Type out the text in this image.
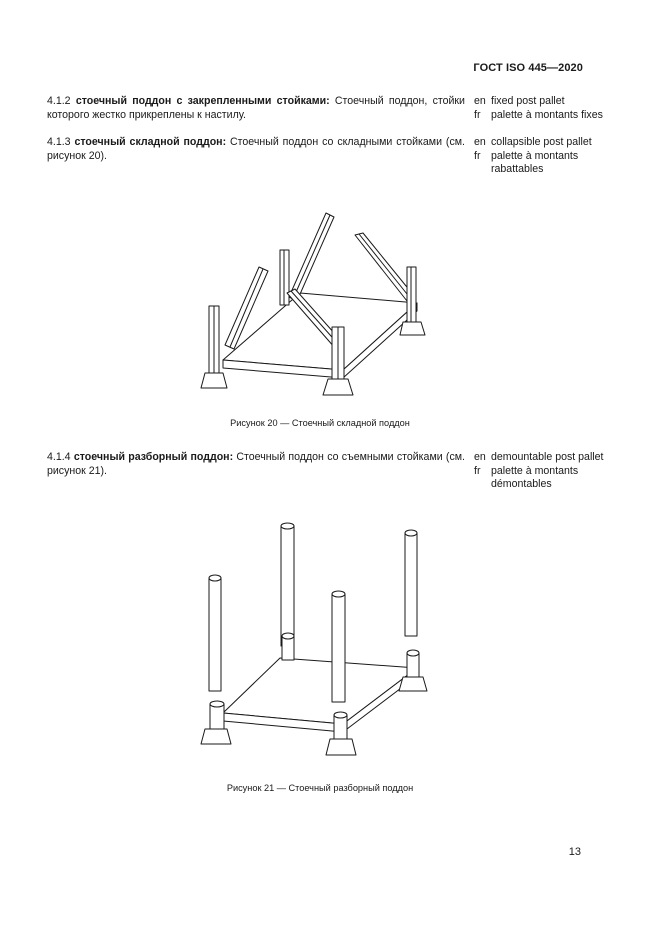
ГОСТ ISO 445—2020
4.1.2 стоечный поддон с закрепленными стойками: Стоечный поддон, стойки которого жестко прикреплены к настилу.
en fixed post pallet
fr palette à montants fixes
4.1.3 стоечный складной поддон: Стоечный поддон со складными стойками (см. рисунок 20).
en collapsible post pallet
fr palette à montants rabattables
Рисунок 20 — Стоечный складной поддон
4.1.4 стоечный разборный поддон: Стоечный поддон со съемными стойками (см. рисунок 21).
en demountable post pallet
fr palette à montants démontables
Рисунок 21 — Стоечный разборный поддон
13
